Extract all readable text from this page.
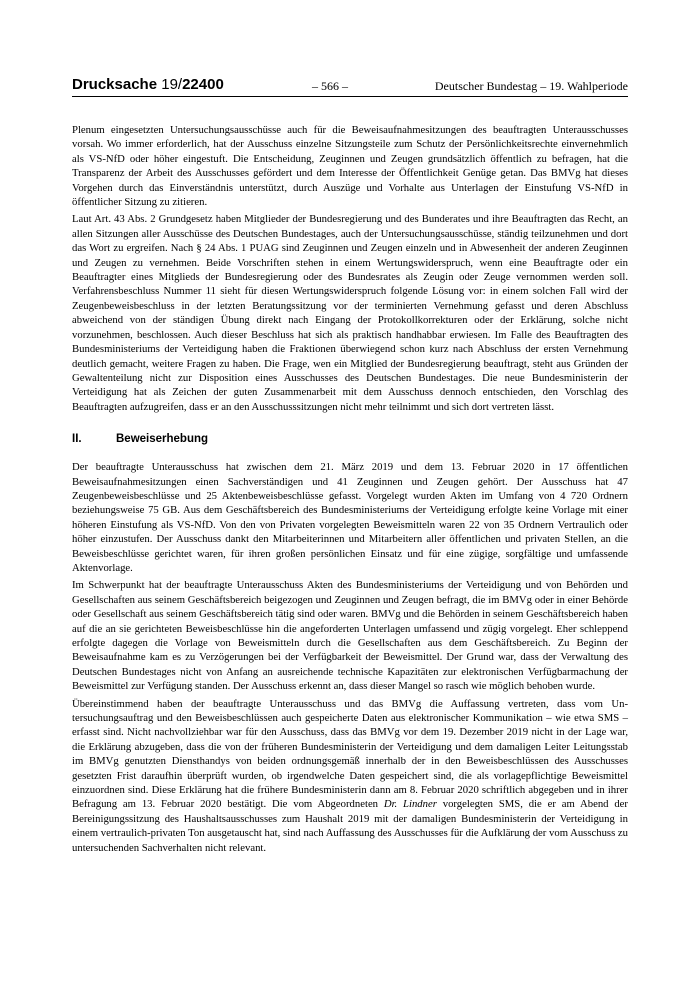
Drucksache 19/22400	– 566 –	Deutscher Bundestag – 19. Wahlperiode

Plenum eingesetzten Untersuchungsausschüsse auch für die Beweisaufnahmesitzungen des beauftragten Unterausschusses vorsah. Wo immer erforderlich, hat der Ausschuss einzelne Sitzungsteile zum Schutz der Persönlichkeitsrechte einvernehmlich als VS-NfD oder höher eingestuft. Die Entscheidung, Zeuginnen und Zeugen grundsätzlich öffentlich zu befragen, hat die Transparenz der Arbeit des Ausschusses gefördert und dem Interesse der Öffentlichkeit Genüge getan. Das BMVg hat dieses Vorgehen durch das Einverständnis unterstützt, durch Auszüge und Vorhalte aus Unterlagen der Einstufung VS-NfD in öffentlicher Sitzung zu zitieren.

Laut Art. 43 Abs. 2 Grundgesetz haben Mitglieder der Bundesregierung und des Bunderates und ihre Beauftragten das Recht, an allen Sitzungen aller Ausschüsse des Deutschen Bundestages, auch der Untersuchungsausschüsse, ständig teilzunehmen und dort das Wort zu ergreifen. Nach § 24 Abs. 1 PUAG sind Zeuginnen und Zeugen einzeln und in Abwesenheit der anderen Zeuginnen und Zeugen zu vernehmen. Beide Vorschriften stehen in einem Wertungswiderspruch, wenn eine Beauftragte oder ein Beauftragter eines Mitglieds der Bundesregierung oder des Bundesrates als Zeugin oder Zeuge vernommen werden soll. Verfahrensbeschluss Nummer 11 sieht für diesen Wertungswiderspruch folgende Lösung vor: in einem solchen Fall wird der Zeugenbeweisbeschluss in der letzten Beratungssitzung vor der terminierten Vernehmung gefasst und deren Abschluss abweichend von der ständigen Übung direkt nach Eingang der Protokollkorrekturen oder der Erklärung, solche nicht vorzunehmen, beschlossen. Auch dieser Beschluss hat sich als praktisch handhabbar erwiesen. Im Falle des Beauftragten des Bundesministeriums der Verteidigung haben die Fraktionen überwiegend schon kurz nach Abschluss der ersten Vernehmung deutlich gemacht, weitere Fragen zu haben. Die Frage, wen ein Mitglied der Bundesregierung beauftragt, steht aus Gründen der Gewaltenteilung nicht zur Disposition eines Ausschusses des Deutschen Bundestages. Die neue Bundesministerin der Verteidigung hat als Zeichen der guten Zusammenarbeit mit dem Ausschuss dennoch entschieden, den Vorschlag des Beauftragten aufzugreifen, dass er an den Ausschusssitzungen nicht mehr teilnimmt und sich dort vertreten lässt.

II.	Beweiserhebung

Der beauftragte Unterausschuss hat zwischen dem 21. März 2019 und dem 13. Februar 2020 in 17 öffentlichen Beweisaufnahmesitzungen einen Sachverständigen und 41 Zeuginnen und Zeugen gehört. Der Ausschuss hat 47 Zeugenbeweisbeschlüsse und 25 Aktenbeweisbeschlüsse gefasst. Vorgelegt wurden Akten im Umfang von 4 720 Ordnern beziehungsweise 75 GB. Aus dem Geschäftsbereich des Bundesministeriums der Verteidigung erfolgte keine Vorlage mit einer höheren Einstufung als VS-NfD. Von den von Privaten vorgelegten Beweismitteln waren 22 von 35 Ordnern Vertraulich oder höher einzustufen. Der Ausschuss dankt den Mitarbeiterinnen und Mitarbeitern aller öffentlichen und privaten Stellen, an die Beweisbeschlüsse gerichtet waren, für ihren großen persönlichen Einsatz und für eine zügige, sorgfältige und umfassende Aktenvorlage.

Im Schwerpunkt hat der beauftragte Unterausschuss Akten des Bundesministeriums der Verteidigung und von Behörden und Gesellschaften aus seinem Geschäftsbereich beigezogen und Zeuginnen und Zeugen befragt, die im BMVg oder in einer Behörde oder Gesellschaft aus seinem Geschäftsbereich tätig sind oder waren. BMVg und die Behörden in seinem Geschäftsbereich haben auf die an sie gerichteten Beweisbeschlüsse hin die angeforderten Unterlagen umfassend und zügig vorgelegt. Eher schleppend erfolgte dagegen die Vorlage von Beweismitteln durch die Gesellschaften aus dem Geschäftsbereich. Zu Beginn der Beweisaufnahme kam es zu Verzögerungen bei der Verfügbarkeit der Beweismittel. Der Grund war, dass der Verwaltung des Deutschen Bundestages nicht von Anfang an ausreichende technische Kapazitäten zur elektronischen Verfügbarmachung der Beweismittel zur Verfügung standen. Der Ausschuss erkennt an, dass dieser Mangel so rasch wie möglich behoben wurde.

Übereinstimmend haben der beauftragte Unterausschuss und das BMVg die Auffassung vertreten, dass vom Untersuchungsauftrag und den Beweisbeschlüssen auch gespeicherte Daten aus elektronischer Kommunikation – wie etwa SMS – erfasst sind. Nicht nachvollziehbar war für den Ausschuss, dass das BMVg vor dem 19. Dezember 2019 nicht in der Lage war, die Erklärung abzugeben, dass die von der früheren Bundesministerin der Verteidigung und dem damaligen Leiter Leitungsstab im BMVg genutzten Diensthandys von beiden ordnungsgemäß innerhalb der in den Beweisbeschlüssen des Ausschusses gesetzten Frist daraufhin überprüft wurden, ob irgendwelche Daten gespeichert sind, die als vorlagepflichtige Beweismittel einzuordnen sind. Diese Erklärung hat die frühere Bundesministerin dann am 8. Februar 2020 schriftlich abgegeben und in ihrer Befragung am 13. Februar 2020 bestätigt. Die vom Abgeordneten Dr. Lindner vorgelegten SMS, die er am Abend der Bereinigungssitzung des Haushaltsausschusses zum Haushalt 2019 mit der damaligen Bundesministerin der Verteidigung in einem vertraulich-privaten Ton ausgetauscht hat, sind nach Auffassung des Ausschusses für die Aufklärung der vom Ausschuss zu untersuchenden Sachverhalten nicht relevant.
